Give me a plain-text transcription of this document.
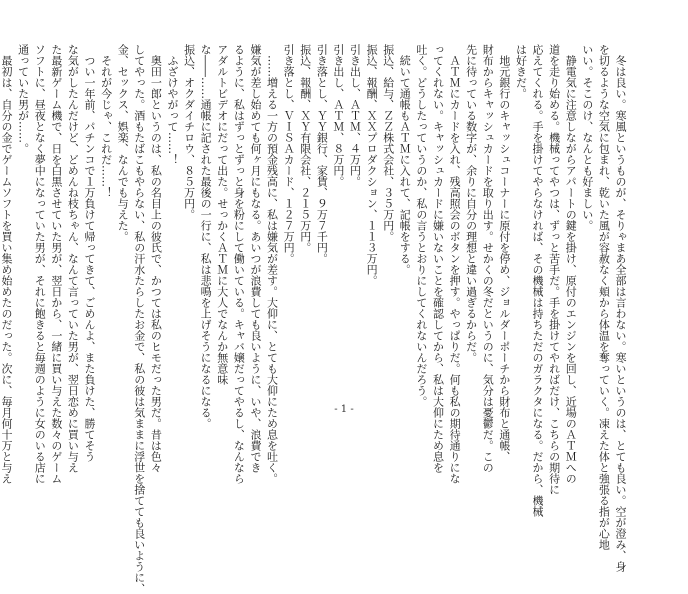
　冬は良い。寒風というものが、そりゃまあ全部は言わない。寒いというのは、とても良い。空が澄み、身
を切るような空気に包まれ、乾いた風が容赦なく頬から体温を奪っていく。凍えた体と強張る指が心地
いい。そこのけ、なんとも好ましい。
　静電気に注意しながらアパートの鍵を掛け、原付のエンジンを回し、近場のＡＴＭへの
道を走り始める。機械ってやつは、ずっと苦手だ。手を掛けてやればだけ、こちらの期待に
応えてくれる。手を掛けてやらなければ、その機械は持ちただのガラクタになる。だから、機械
は好きだ。
　地元銀行のキャッシュコーナーに原付を停め、ジョルダーポーチから財布と通帳、
財布からキャッシュカードを取り出す。せかくの冬だというのに、気分は憂鬱だ。この
先に待っている数字が、余りに自分の理想と違い過ぎるからだ。
　ＡＴＭにカードを入れ、残高照会のボタンを押す。やっぱりだ。何も私の期待通りにな
ってくれない。キャッシュカードに嫌いないことを確認してから、私は大仰にため息を
吐く。どうしたっていうのか、私の言うとおりにしてくれないんだろう。
　続いて通帳もＡＴＭに入れて、記帳をする。
振込、給与、ＺＺ株式会社、３５万円。
振込、報酬、ＸＸプロダクション、１１３万円。
引き出し、ＡＴＭ、４万円。
引き出し、ＡＴＭ、８万円。
引き落とし、ＹＹ銀行、家賃、９万７千円。
振込、報酬、ＸＹ有限会社、２１５万円。
引き落とし、ＶＩＳＡカード、１２７万円。
　……増える一方の預金残高に、私は嫌気が差す。大仰に、とても大仰にため息を吐く。
嫌気が差し始めても何ヶ月にもなる。あいつが浪費しても良いように、いや、浪費でき
るように、私はずっとずっと身を粉にして働いている。キャバ嬢だってやるし、なんなら
アダルトビデオにだって出た。せっかくＡＴＭに大人でなんか無意味
な――……通帳に記された最後の一行に、私は悲鳴を上げそうになるになる。
振込、オクダイチロウ、８５万円。
　ふざけやがって……！
　奥田一郎というのは、私の名目上の彼氏で、かつては私のヒモだった男だ。昔は色々
してやった。酒もたばこもやらない、私の汗水たらしたお金で、私の彼は気ままに浮世を捨てても良いように、
金、セックス、娯楽、なんでも与えた。
　それが今じゃ、これだ……！
　つい一年前、パチンコで１万負けて帰ってきて、ごめんよ、また負けた、勝てそう
な気がしたんだけど、どめんね枝ちゃん、なんて言っていた男が、翌日恋めに買い与え
た最新ゲーム機で、日を白黒させていた男が、翌日から、一緒に買い与えた数々のゲーム
ソフトに、昼夜となく夢中になっていた男が、それに飽きると毎週のように女のいる店に
通っていた男が……。
　最初は、自分の金でゲームソフトを買い集め始めたのだった。次に、毎月何十万と与え	- 1 -
